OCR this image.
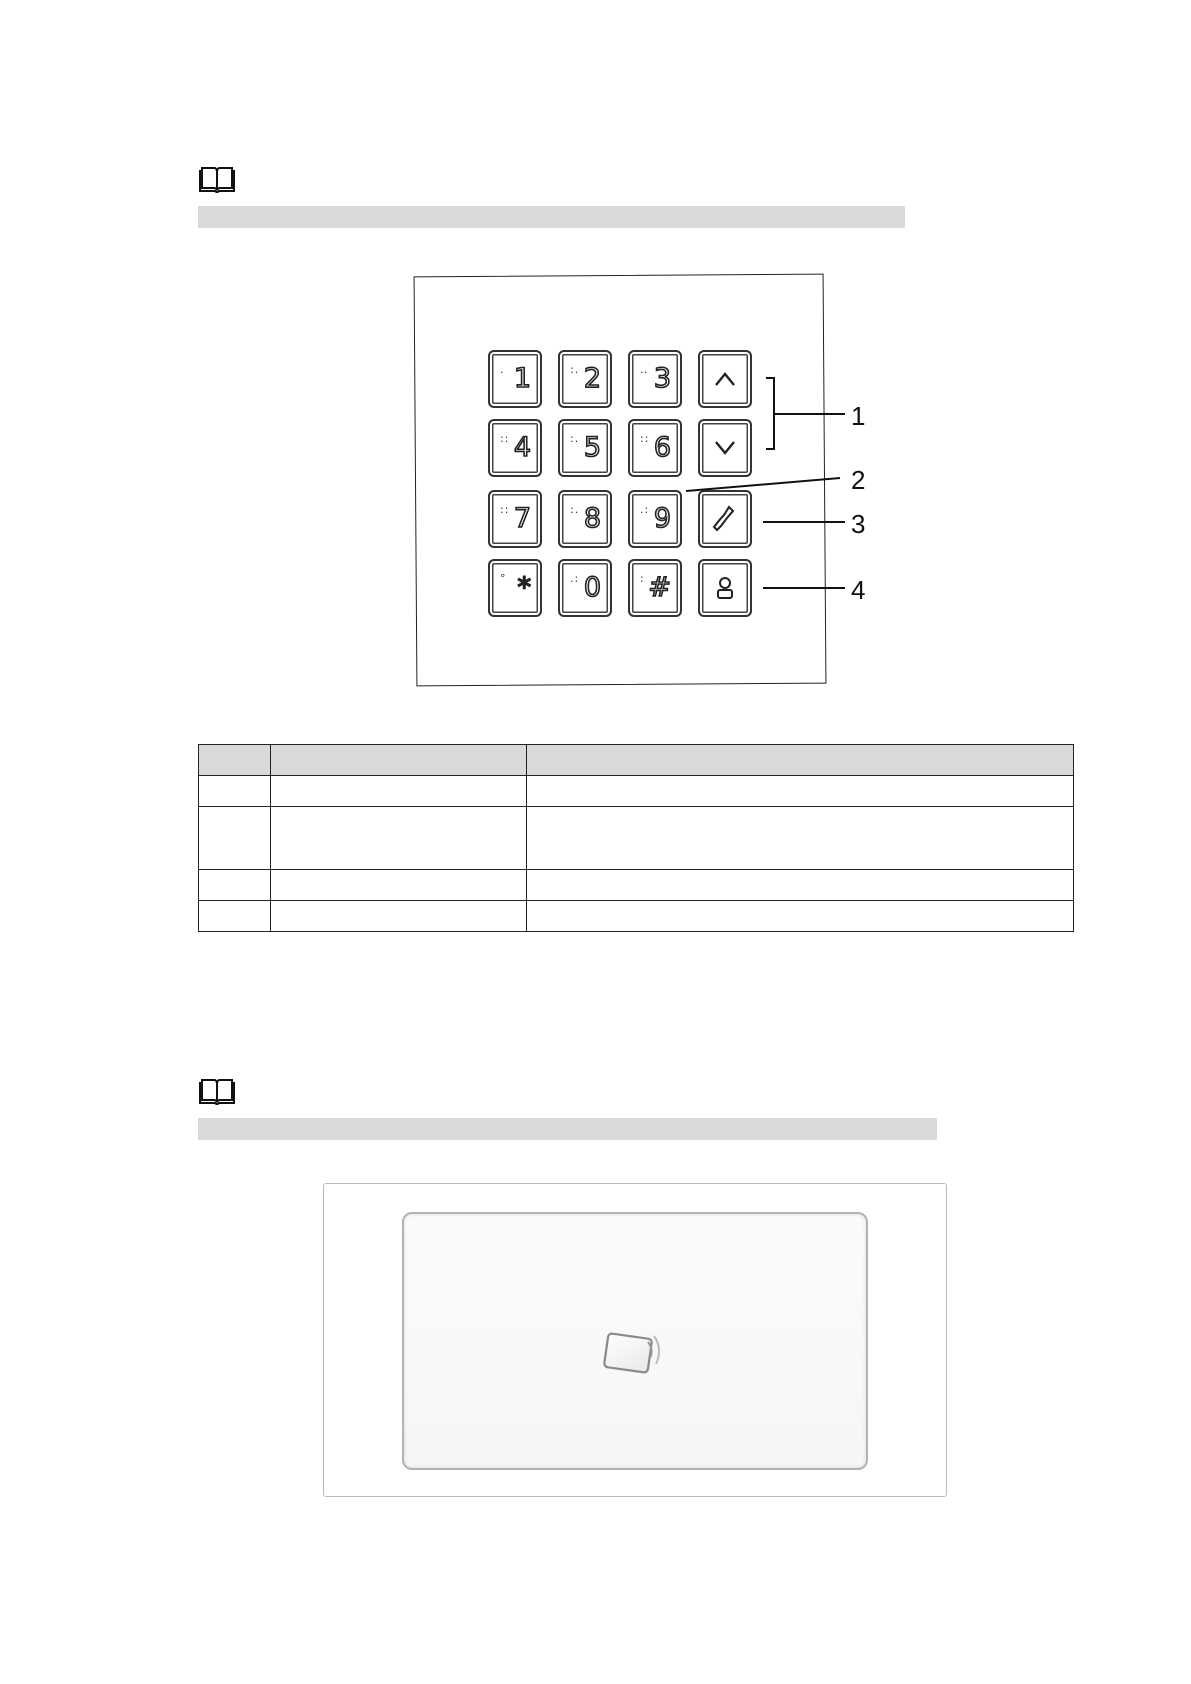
. 1	:. 2	‥ 3
:: 4	:. 5	:: 6
:: 7	:. 8	.: 9
° *	.: 0	: #
1
2
3
4
